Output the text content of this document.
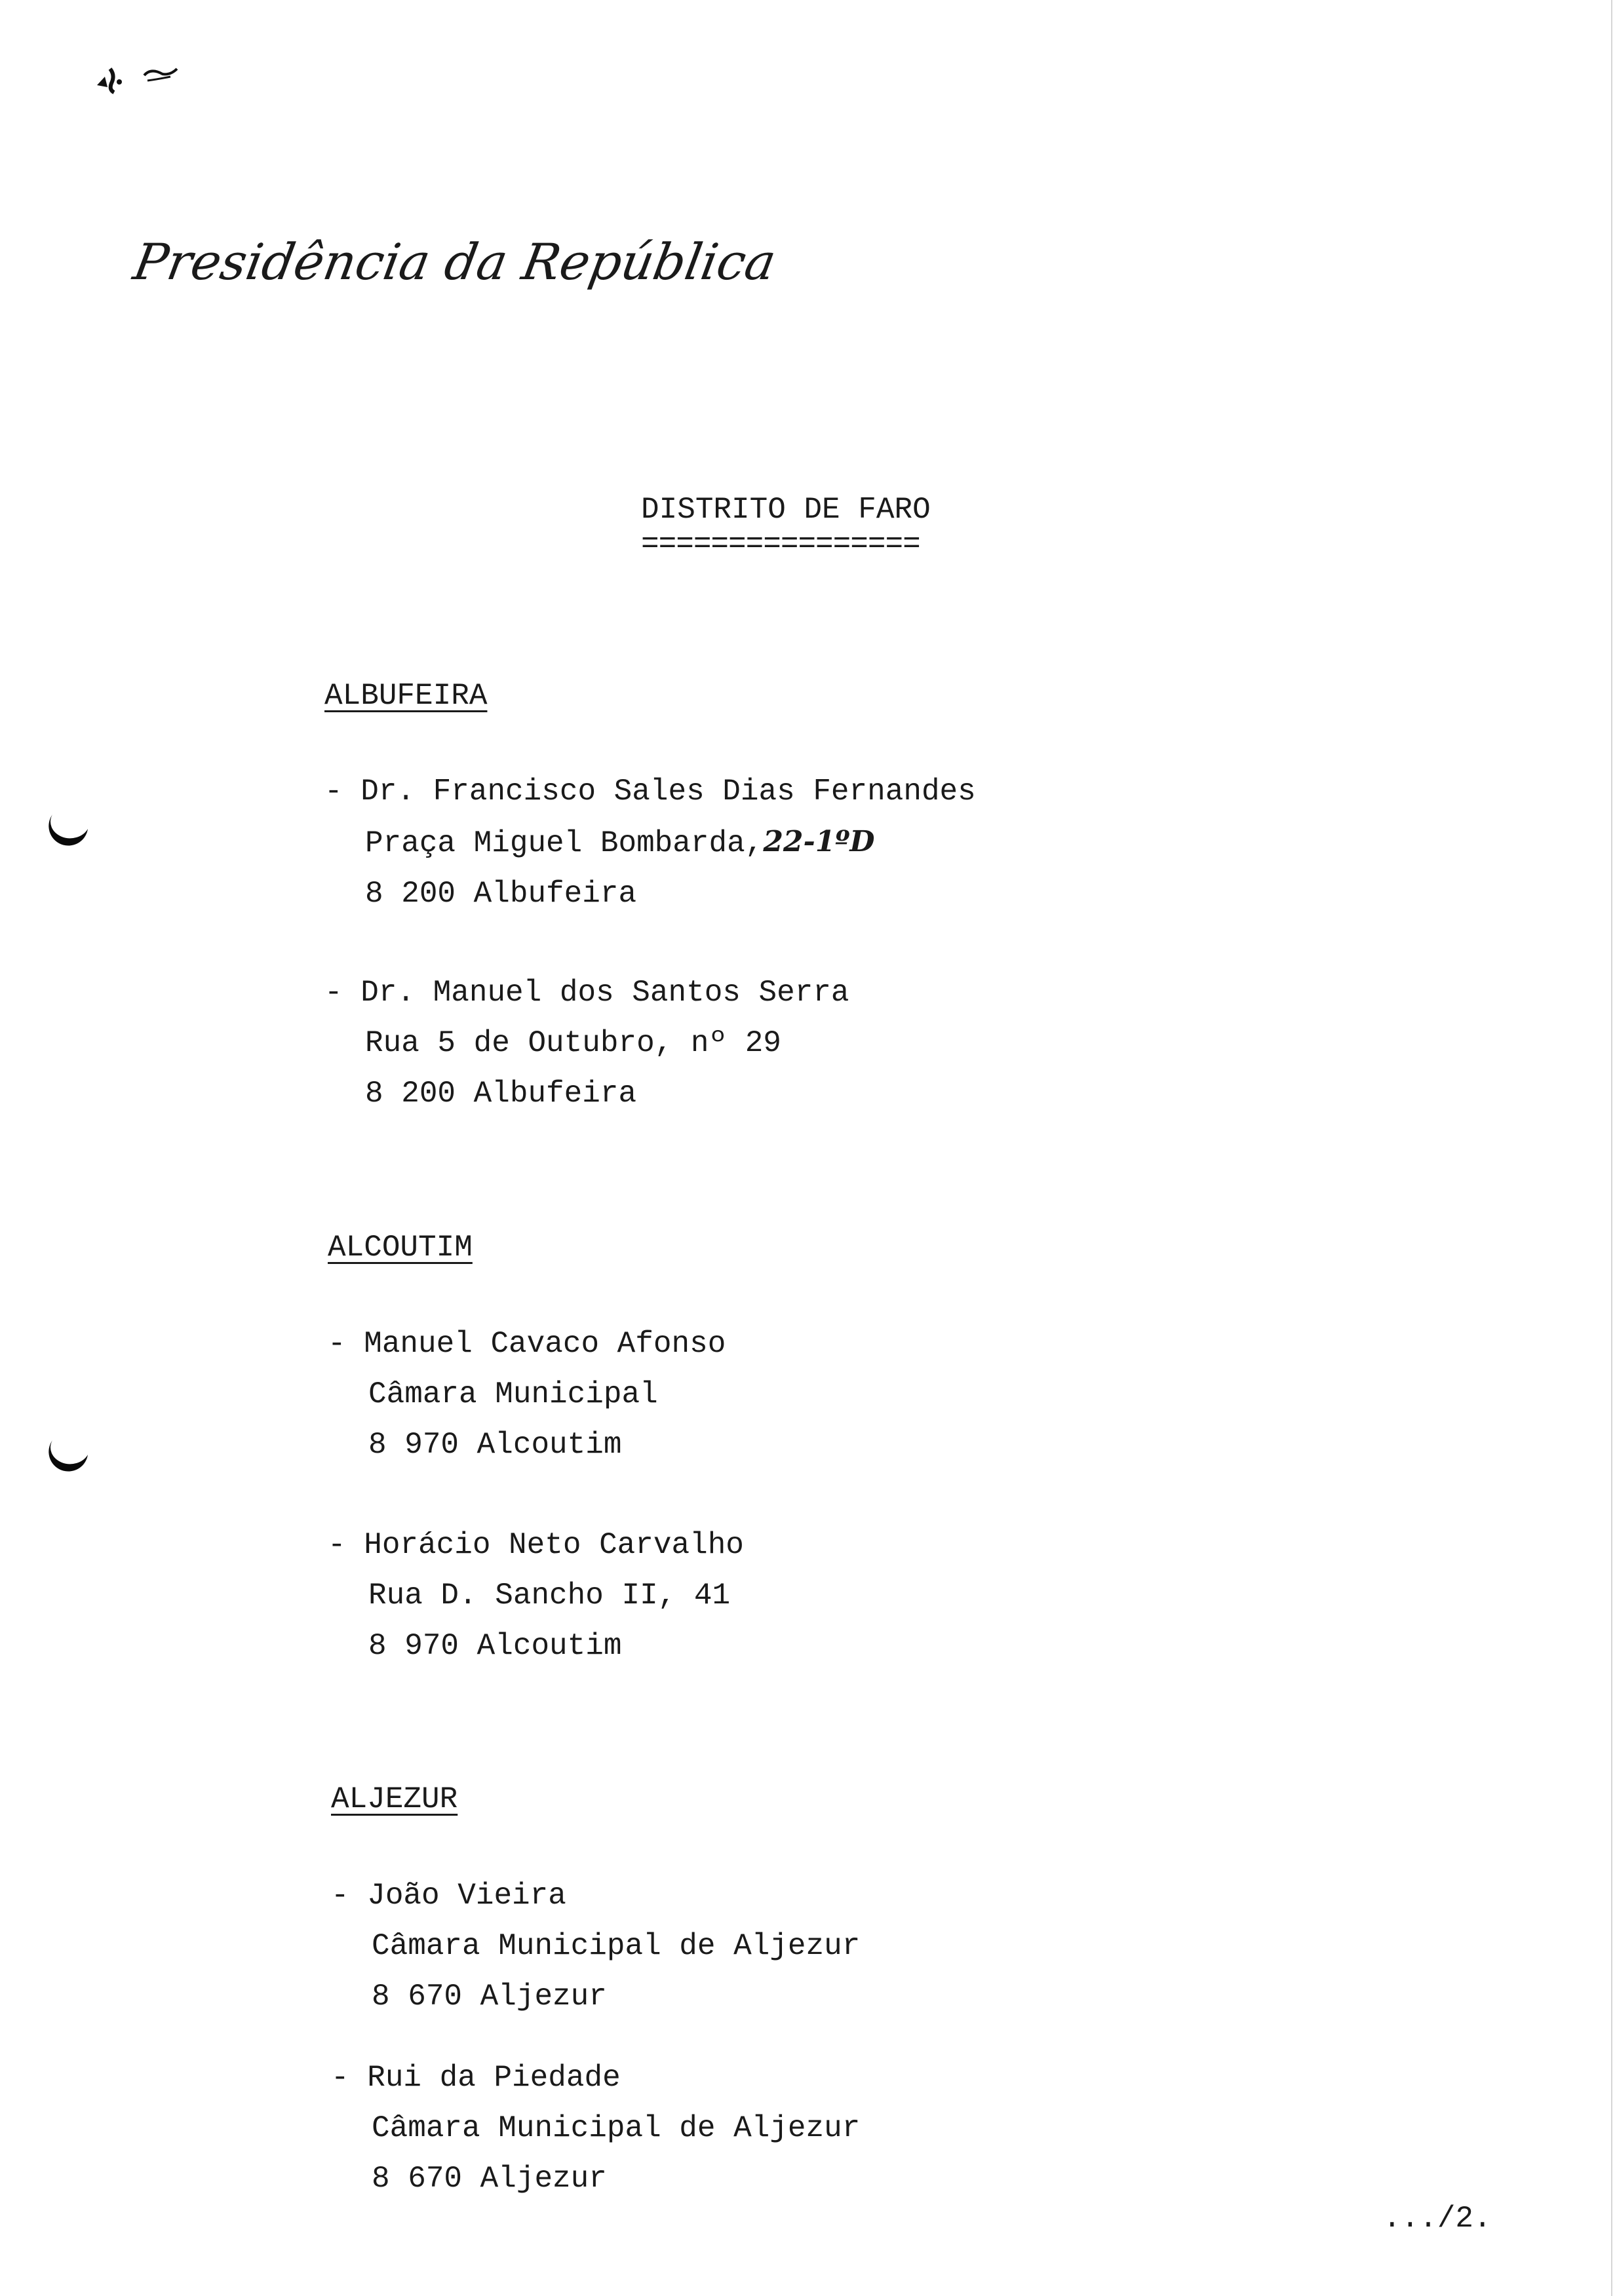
Presidência da República
DISTRITO DE FARO
================
ALBUFEIRA
- Dr. Francisco Sales Dias Fernandes
Praça Miguel Bombarda,22-1ºD
8 200 Albufeira
- Dr. Manuel dos Santos Serra
Rua 5 de Outubro, nº 29
8 200 Albufeira
ALCOUTIM
- Manuel Cavaco Afonso
Câmara Municipal
8 970 Alcoutim
- Horácio Neto Carvalho
Rua D. Sancho II, 41
8 970 Alcoutim
ALJEZUR
- João Vieira
Câmara Municipal de Aljezur
8 670 Aljezur
- Rui da Piedade
Câmara Municipal de Aljezur
8 670 Aljezur
.../2.
